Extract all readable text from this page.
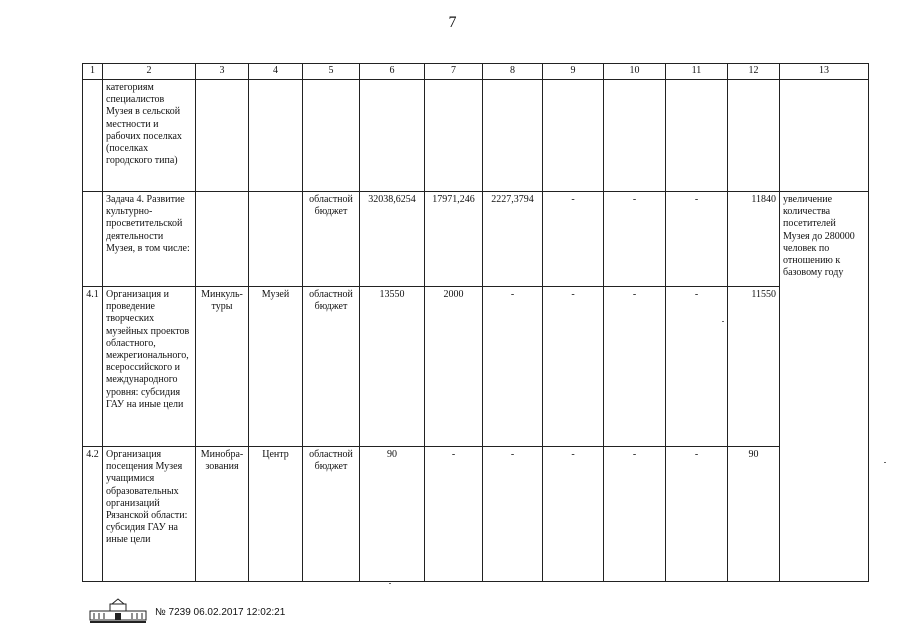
7
1	2	3	4	5	6	7	8	9	10	11	12	13
	категориям специалистов Музея в сельской местности и рабочих поселках (поселках городского типа)											
	Задача 4. Развитие культурно-просветительской деятельности Музея, в том числе:			областной бюджет	32038,6254	17971,246	2227,3794	-	-	-	11840	увеличение количества посетителей Музея до 280000 человек по отношению к базовому году
4.1	Организация и проведение творческих музейных проектов областного, межрегионального, всероссийского и международного уровня: субсидия ГАУ на иные цели	Минкуль-туры	Музей	областной бюджет	13550	2000	-	-	-	-	11550	
4.2	Организация посещения Музея учащимися образовательных организаций Рязанской области: субсидия ГАУ на иные цели	Минобра-зования	Центр	областной бюджет	90	-	-	-	-	-	90	
№ 7239 06.02.2017 12:02:21
